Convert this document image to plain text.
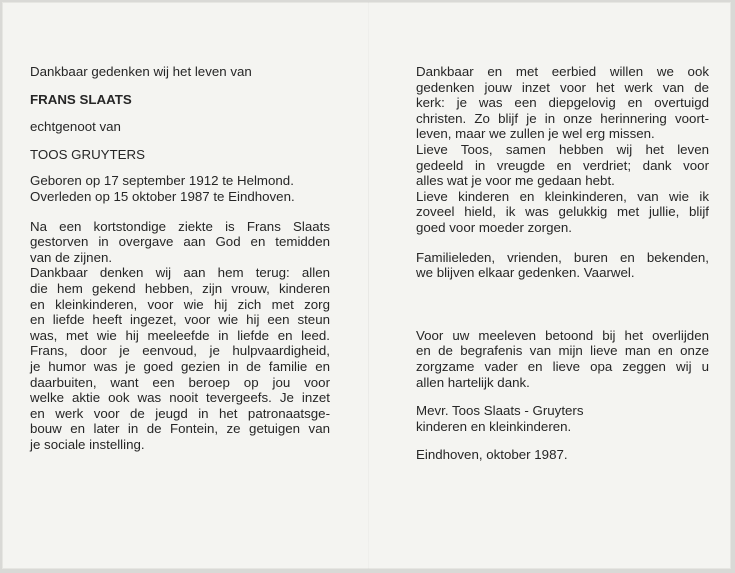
Dankbaar gedenken wij het leven van

FRANS SLAATS

echtgenoot van

TOOS GRUYTERS

Geboren op 17 september 1912 te Helmond.

Overleden op 15 oktober 1987 te Eindhoven.

Na een kortstondige ziekte is Frans Slaats
gestorven in overgave aan God en temidden
van de zijnen.
Dankbaar denken wij aan hem terug: allen
die hem gekend hebben, zijn vrouw, kinderen
en kleinkinderen, voor wie hij zich met zorg
en liefde heeft ingezet, voor wie hij een steun
was, met wie hij meeleefde in liefde en leed.
Frans, door je eenvoud, je hulpvaardigheid,
je humor was je goed gezien in de familie en
daarbuiten, want een beroep op jou voor
welke aktie ook was nooit tevergeefs. Je inzet
en werk voor de jeugd in het patronaatsge-
bouw en later in de Fontein, ze getuigen van
je sociale instelling.
Dankbaar en met eerbied willen we ook
gedenken jouw inzet voor het werk van de
kerk: je was een diepgelovig en overtuigd
christen. Zo blijf je in onze herinnering voort-
leven, maar we zullen je wel erg missen.
Lieve Toos, samen hebben wij het leven
gedeeld in vreugde en verdriet; dank voor
alles wat je voor me gedaan hebt.
Lieve kinderen en kleinkinderen, van wie ik
zoveel hield, ik was gelukkig met jullie, blijf
goed voor moeder zorgen.
Familieleden, vrienden, buren en bekenden,
we blijven elkaar gedenken. Vaarwel.
Voor uw meeleven betoond bij het overlijden
en de begrafenis van mijn lieve man en onze
zorgzame vader en lieve opa zeggen wij u
allen hartelijk dank.
Mevr. Toos Slaats - Gruyters
kinderen en kleinkinderen.

Eindhoven, oktober 1987.
